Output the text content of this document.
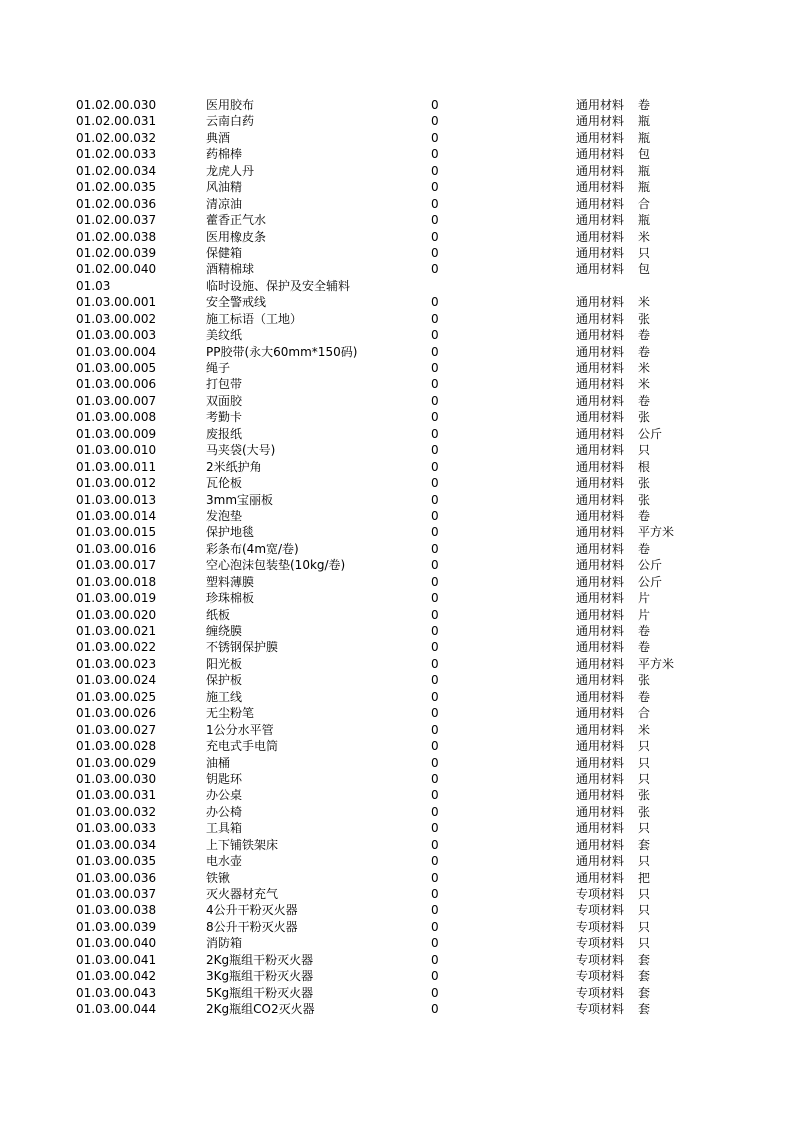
01.02.00.030	医用胶布	0	通用材料 卷
01.02.00.031	云南白药	0	通用材料 瓶
01.02.00.032	典酒	0	通用材料 瓶
01.02.00.033	药棉棒	0	通用材料 包
01.02.00.034	龙虎人丹	0	通用材料 瓶
01.02.00.035	风油精	0	通用材料 瓶
01.02.00.036	清凉油	0	通用材料 合
01.02.00.037	藿香正气水	0	通用材料 瓶
01.02.00.038	医用橡皮条	0	通用材料 米
01.02.00.039	保健箱	0	通用材料 只
01.02.00.040	酒精棉球	0	通用材料 包
01.03	临时设施、保护及安全辅料
01.03.00.001	安全警戒线	0	通用材料 米
01.03.00.002	施工标语（工地）	0	通用材料 张
01.03.00.003	美纹纸	0	通用材料 卷
01.03.00.004	PP胶带(永大60mm*150码)	0	通用材料 卷
01.03.00.005	绳子	0	通用材料 米
01.03.00.006	打包带	0	通用材料 米
01.03.00.007	双面胶	0	通用材料 卷
01.03.00.008	考勤卡	0	通用材料 张
01.03.00.009	废报纸	0	通用材料 公斤
01.03.00.010	马夹袋(大号)	0	通用材料 只
01.03.00.011	2米纸护角	0	通用材料 根
01.03.00.012	瓦伦板	0	通用材料 张
01.03.00.013	3mm宝丽板	0	通用材料 张
01.03.00.014	发泡垫	0	通用材料 卷
01.03.00.015	保护地毯	0	通用材料 平方米
01.03.00.016	彩条布(4m宽/卷)	0	通用材料 卷
01.03.00.017	空心泡沫包装垫(10kg/卷)	0	通用材料 公斤
01.03.00.018	塑料薄膜	0	通用材料 公斤
01.03.00.019	珍珠棉板	0	通用材料 片
01.03.00.020	纸板	0	通用材料 片
01.03.00.021	缠绕膜	0	通用材料 卷
01.03.00.022	不锈钢保护膜	0	通用材料 卷
01.03.00.023	阳光板	0	通用材料 平方米
01.03.00.024	保护板	0	通用材料 张
01.03.00.025	施工线	0	通用材料 卷
01.03.00.026	无尘粉笔	0	通用材料 合
01.03.00.027	1公分水平管	0	通用材料 米
01.03.00.028	充电式手电筒	0	通用材料 只
01.03.00.029	油桶	0	通用材料 只
01.03.00.030	钥匙环	0	通用材料 只
01.03.00.031	办公桌	0	通用材料 张
01.03.00.032	办公椅	0	通用材料 张
01.03.00.033	工具箱	0	通用材料 只
01.03.00.034	上下铺铁架床	0	通用材料 套
01.03.00.035	电水壶	0	通用材料 只
01.03.00.036	铁锹	0	通用材料 把
01.03.00.037	灭火器材充气	0	专项材料 只
01.03.00.038	4公升干粉灭火器	0	专项材料 只
01.03.00.039	8公升干粉灭火器	0	专项材料 只
01.03.00.040	消防箱	0	专项材料 只
01.03.00.041	2Kg瓶组干粉灭火器	0	专项材料 套
01.03.00.042	3Kg瓶组干粉灭火器	0	专项材料 套
01.03.00.043	5Kg瓶组干粉灭火器	0	专项材料 套
01.03.00.044	2Kg瓶组CO2灭火器	0	专项材料 套
